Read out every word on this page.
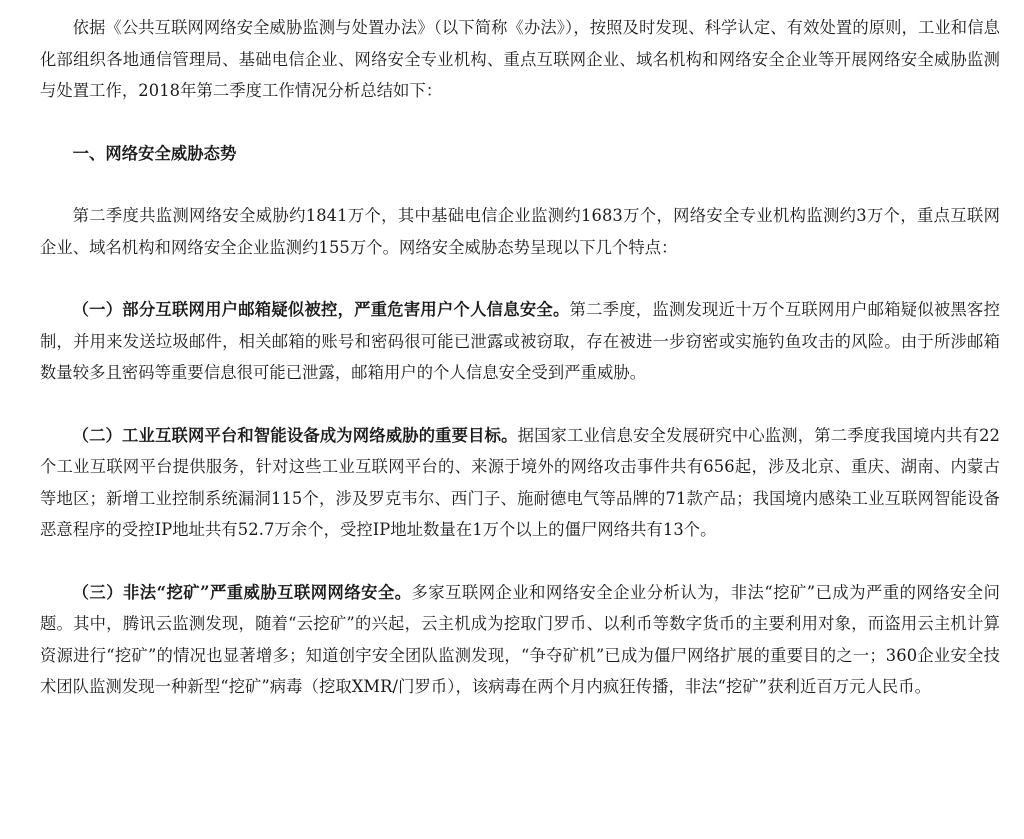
依据《公共互联网网络安全威胁监测与处置办法》（以下简称《办法》），按照及时发现、科学认定、有效处置的原则，工业和信息化部组织各地通信管理局、基础电信企业、网络安全专业机构、重点互联网企业、域名机构和网络安全企业等开展网络安全威胁监测与处置工作，2018年第二季度工作情况分析总结如下：

一、网络安全威胁态势

第二季度共监测网络安全威胁约1841万个，其中基础电信企业监测约1683万个，网络安全专业机构监测约3万个，重点互联网企业、域名机构和网络安全企业监测约155万个。网络安全威胁态势呈现以下几个特点：

（一）部分互联网用户邮箱疑似被控，严重危害用户个人信息安全。第二季度，监测发现近十万个互联网用户邮箱疑似被黑客控制，并用来发送垃圾邮件，相关邮箱的账号和密码很可能已泄露或被窃取，存在被进一步窃密或实施钓鱼攻击的风险。由于所涉邮箱数量较多且密码等重要信息很可能已泄露，邮箱用户的个人信息安全受到严重威胁。

（二）工业互联网平台和智能设备成为网络威胁的重要目标。据国家工业信息安全发展研究中心监测，第二季度我国境内共有22个工业互联网平台提供服务，针对这些工业互联网平台的、来源于境外的网络攻击事件共有656起，涉及北京、重庆、湖南、内蒙古等地区；新增工业控制系统漏洞115个，涉及罗克韦尔、西门子、施耐德电气等品牌的71款产品；我国境内感染工业互联网智能设备恶意程序的受控IP地址共有52.7万余个，受控IP地址数量在1万个以上的僵尸网络共有13个。

（三）非法“挖矿”严重威胁互联网网络安全。多家互联网企业和网络安全企业分析认为，非法“挖矿”已成为严重的网络安全问题。其中，腾讯云监测发现，随着“云挖矿”的兴起，云主机成为挖取门罗币、以利币等数字货币的主要利用对象，而盗用云主机计算资源进行“挖矿”的情况也显著增多；知道创宇安全团队监测发现，“争夺矿机”已成为僵尸网络扩展的重要目的之一；360企业安全技术团队监测发现一种新型“挖矿”病毒（挖取XMR/门罗币），该病毒在两个月内疯狂传播，非法“挖矿”获利近百万元人民币。
